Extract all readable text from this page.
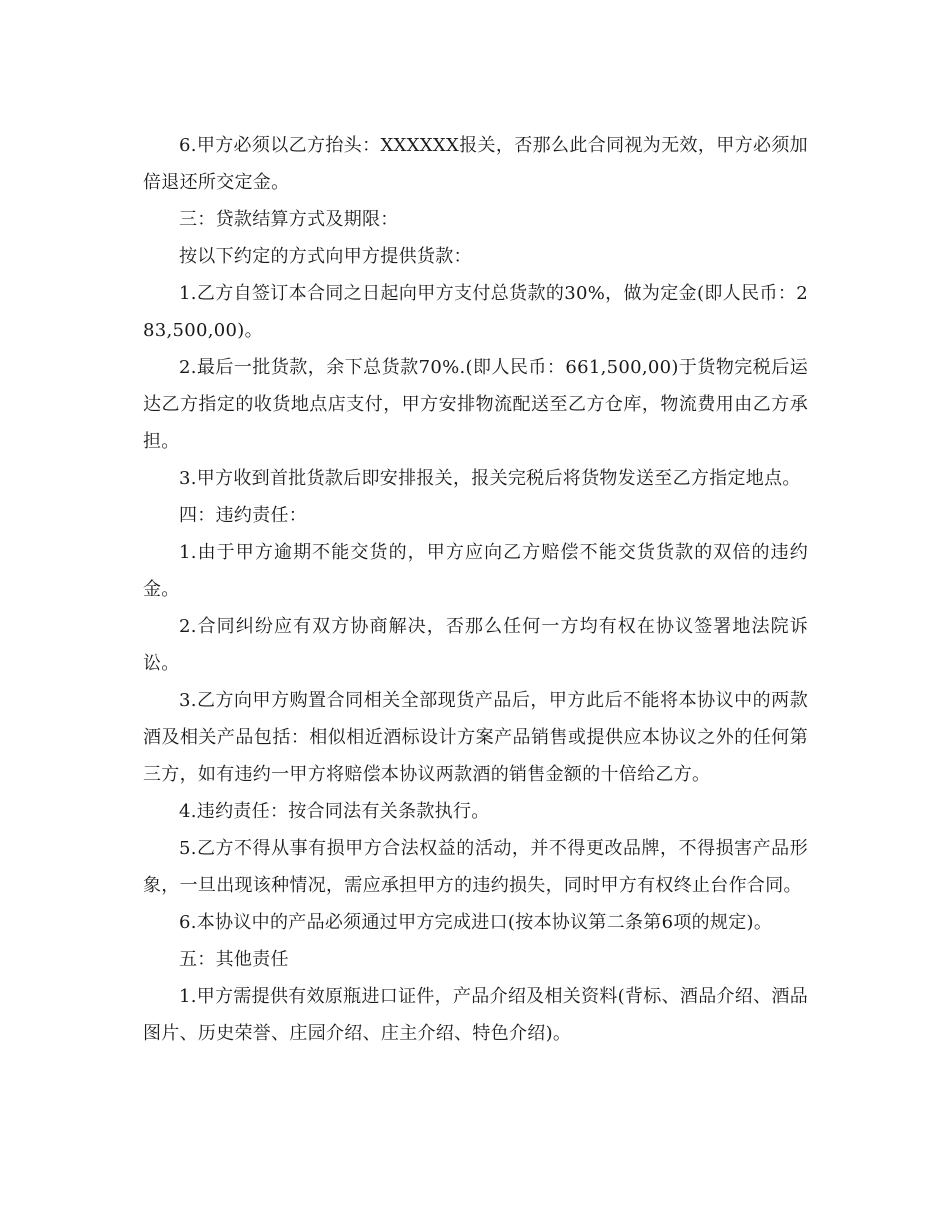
6.甲方必须以乙方抬头：XXXXXX报关，否那么此合同视为无效，甲方必须加倍退还所交定金。

三：贷款结算方式及期限：

按以下约定的方式向甲方提供货款：

1.乙方自签订本合同之日起向甲方支付总货款的30%，做为定金(即人民币：283,500,00)。

2.最后一批货款，余下总货款70%.(即人民币：661,500,00)于货物完税后运达乙方指定的收货地点店支付，甲方安排物流配送至乙方仓库，物流费用由乙方承担。

3.甲方收到首批货款后即安排报关，报关完税后将货物发送至乙方指定地点。

四：违约责任：

1.由于甲方逾期不能交货的，甲方应向乙方赔偿不能交货货款的双倍的违约金。

2.合同纠纷应有双方协商解决，否那么任何一方均有权在协议签署地法院诉讼。

3.乙方向甲方购置合同相关全部现货产品后，甲方此后不能将本协议中的两款酒及相关产品包括：相似相近酒标设计方案产品销售或提供应本协议之外的任何第三方，如有违约一甲方将赔偿本协议两款酒的销售金额的十倍给乙方。

4.违约责任：按合同法有关条款执行。

5.乙方不得从事有损甲方合法权益的活动，并不得更改品牌，不得损害产品形象，一旦出现该种情况，需应承担甲方的违约损失，同时甲方有权终止台作合同。

6.本协议中的产品必须通过甲方完成进口(按本协议第二条第6项的规定)。

五：其他责任

1.甲方需提供有效原瓶进口证件，产品介绍及相关资料(背标、酒品介绍、酒品图片、历史荣誉、庄园介绍、庄主介绍、特色介绍)。
